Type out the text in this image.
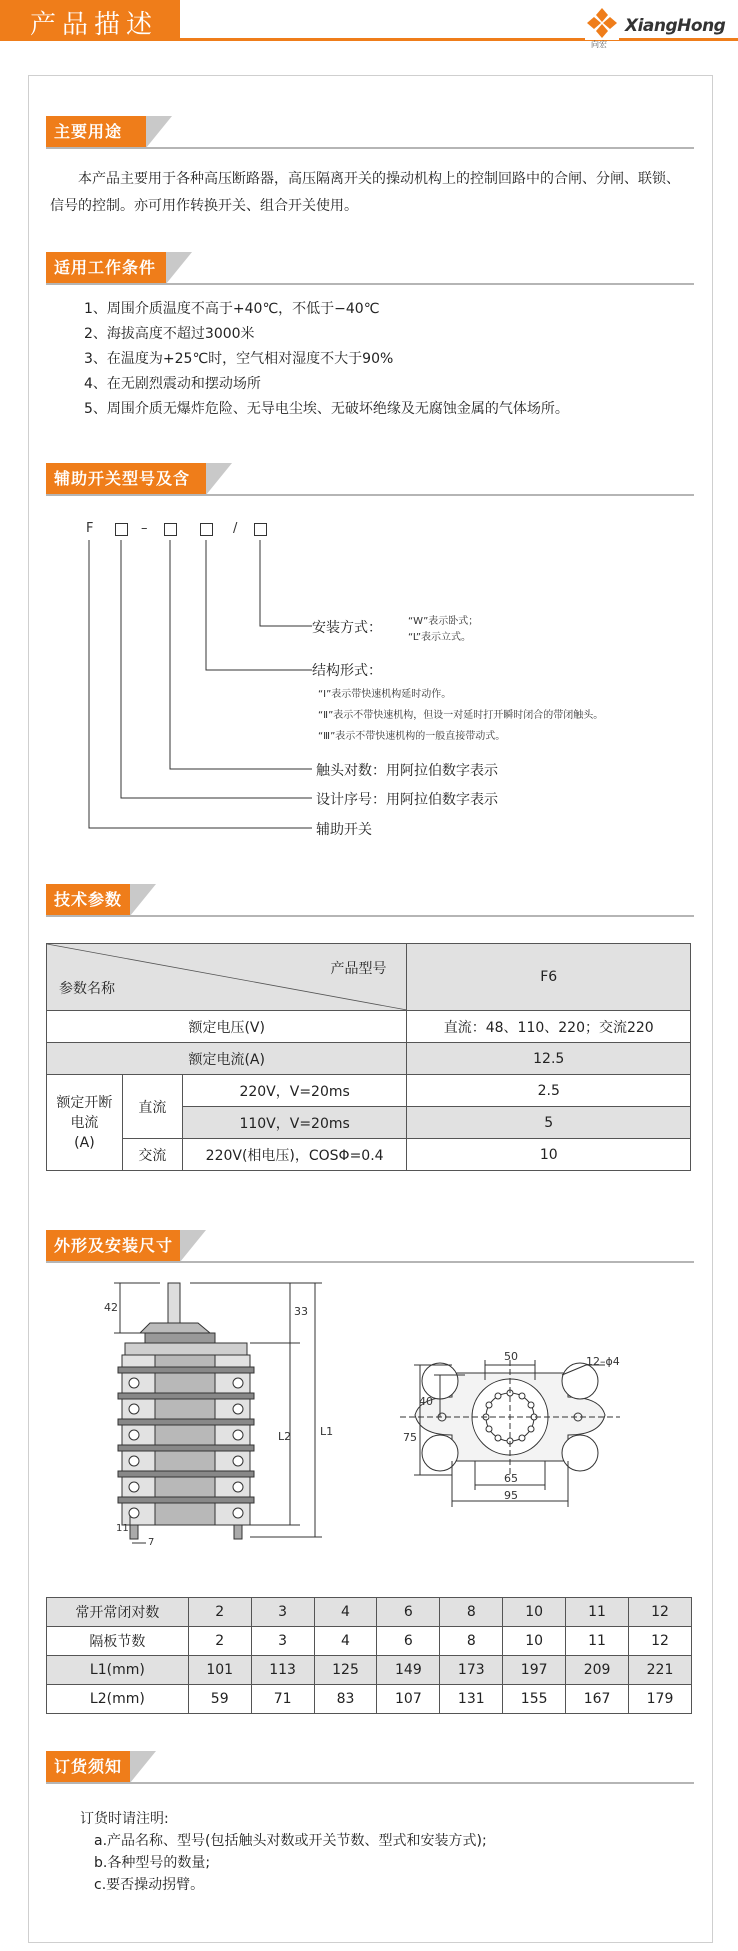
产品描述
向宏
XiangHong
主要用途
本产品主要用于各种高压断路器，高压隔离开关的操动机构上的控制回路中的合闸、分闸、联锁、信号的控制。亦可用作转换开关、组合开关使用。
适用工作条件
1、周围介质温度不高于+40℃，不低于−40℃
2、海拔高度不超过3000米
3、在温度为+25℃时，空气相对湿度不大于90%
4、在无剧烈震动和摆动场所
5、周围介质无爆炸危险、无导电尘埃、无破坏绝缘及无腐蚀金属的气体场所。
辅助开关型号及含义
F	–	/
安装方式：	“W”表示卧式；
“L”表示立式。
结构形式：
“Ⅰ”表示带快速机构延时动作。
“Ⅱ”表示不带快速机构，但设一对延时打开瞬时闭合的带闭触头。
“Ⅲ”表示不带快速机构的一般直接带动式。
触头对数：用阿拉伯数字表示
设计序号：用阿拉伯数字表示
辅助开关
技术参数
产品型号
参数名称			F6
额定电压(V)			直流：48、110、220；交流220
额定电流(A)			12.5

额定开断
电流
(A)	直流	220V，V=20ms	2.5
		110V，V=20ms	5
	交流	220V(相电压)，COSΦ=0.4	10
外形及安装尺寸
42	33
L2	L1
11
7
50	12–ϕ4
40
75
65
95
常开常闭对数	2	3	4	6	8	10	11	12
隔板节数	2	3	4	6	8	10	11	12
L1(mm)	101	113	125	149	173	197	209	221
L2(mm)	59	71	83	107	131	155	167	179
订货须知
订货时请注明:
a.产品名称、型号(包括触头对数或开关节数、型式和安装方式);
b.各种型号的数量;
c.要否操动拐臂。
